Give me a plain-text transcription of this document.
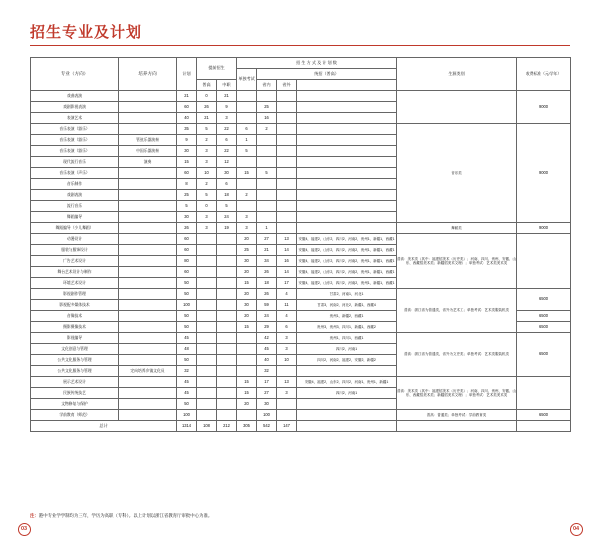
招生专业及计划
专业（方向）	培养方向	计划	提前招生		招 生 方 式 及 计 划 数				生源类别	收费标准（元/学年）
					单独考试	统招（普高）				
			普高	中职		省内	省外			
戏曲表演		21	0	21						9000
戏剧影视表演		60	26	9		25				
表演艺术		40	21	3		16				
音乐表演（器乐）		35	5	22	6	2			音乐类	9000
音乐表演（器乐）	管弦乐器演奏	9	2	6	1					
音乐表演（器乐）	中国乐器演奏	30	3	22	5					
现代流行音乐	演奏	15	3	12						
音乐表演（声乐）		60	10	30	15	5				
音乐制作		8	2	6						
戏剧表演		25	5	18	2					
流行音乐		5	0	5						
舞蹈编导		30	3	24	3					
舞蹈编导（少儿舞蹈）		26	3	19	3	1			舞蹈类	9000
动漫设计		60			20	27	13	安徽4，福建2，山东2，四川2，河南2，贵州1，新疆1，西藏1	普高：美术类（其中：福建招美术（历史类）；河南、四川、贵州、安徽、山东、西藏招美术类；新疆招美术文理）；单独考试：艺术类美术类	
服装与服饰设计		60			25	21	14	安徽4，福建2，山东2，四川2，河南2，贵州1，新疆1，西藏1		
广告艺术设计		80			30	34	16	安徽4，福建2，山东2，四川2，河南2，贵州1，新疆1，西藏1		
舞台艺术设计与制作		60			20	26	14	安徽4，福建2，山东2，四川2，河南2，贵州1，新疆1，西藏1		
环境艺术设计		50			15	18	17	安徽4，福建2，山东2，四川2，河南2，贵州1，新疆1，西藏1		
影视剧作管理		50			20	26	4	甘肃2，河南1，河北1	普高：浙江省为普通类，省外为艺术工；单独考试：艺术类服装机类	6500
影视配多媒体技术		100			30	59	11	甘肃3，河南2，河北2，新疆1，西藏4		
音像技术		50			20	24	4	贵州1，新疆2，西藏1		6500
摄影摄像技术		50			15	29	6	贵州3，贵州3，四川1，新疆1，西藏2		6500
影视编导		45				42	3	贵州1，四川1，西藏1	普高：浙江省为普通类，省外为文史类；单独考试：艺术类服装机类	6500
文化创意与管理		48				45	3	四川2，河南1		
公共文化服务与管理		50				40	10	四川2，河南2，福建2，安徽2，新疆2		
公共文化服务与管理	定向培养乡镇文化员	32				32				
展示艺术设计		45			15	17	13	安徽4，福建2，山东2，四川2，河南1，贵州1，新疆1	普高：美术类（其中：福建招美术（历史类）；河南、四川、贵州、安徽、山东、西藏招美术类；新疆招美术文理）；单独考试：艺术类美术类	
民族传统技艺		45			15	27	3	四川2，河南1		
文物修复与保护		50			20	30				
学前教育（师范）		100				100			普高：普通类；单独考试：学前教育类	6500
总计		1314	108	212	305	542	147			
注：港中专业学学制均为三年，学历为高职（专科）。以上计划以浙江省教育厅审批中心为准。
03	04
